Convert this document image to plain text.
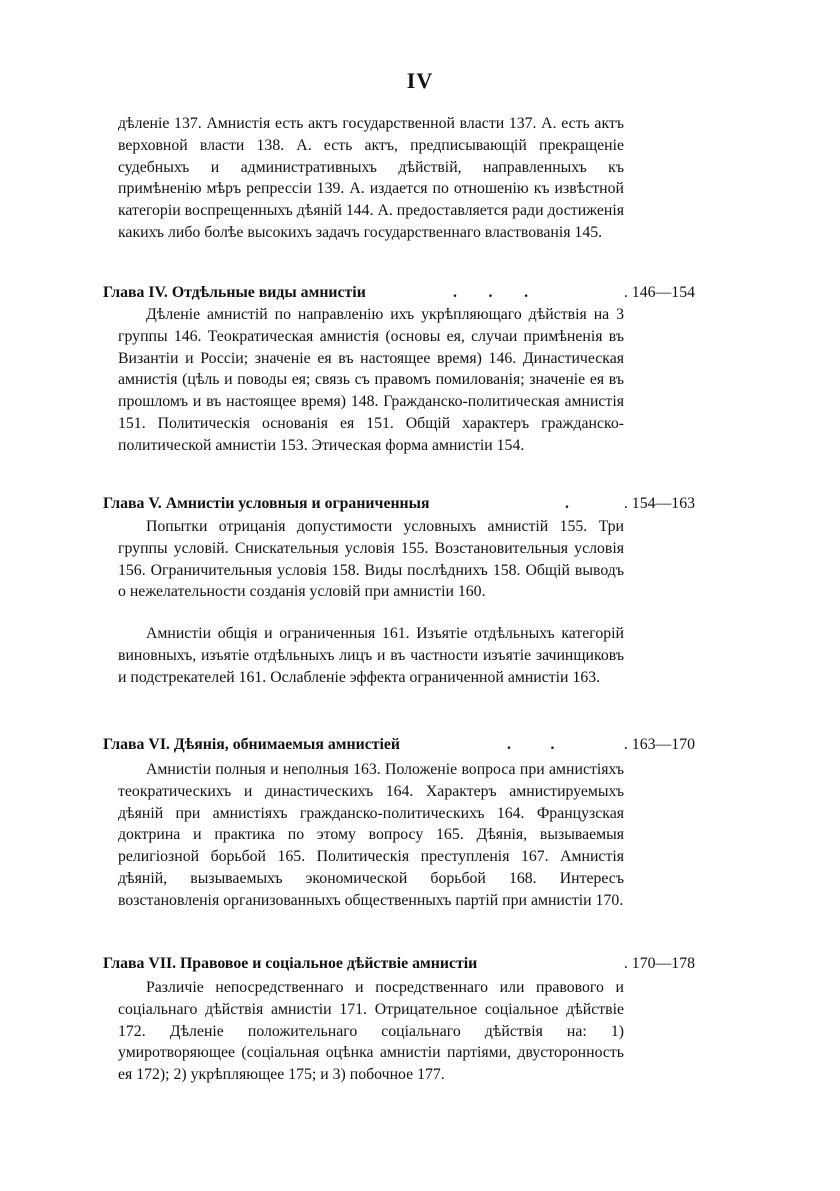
IV
дѣленіе 137. Амнистія есть актъ государственной власти 137. А. есть актъ верховной власти 138. А. есть актъ, предписывающій прекращеніе судебныхъ и административныхъ дѣйствій, направленныхъ къ примѣненію мѣръ репрессіи 139. А. издается по отношенію къ извѣстной категоріи воспрещенныхъ дѣяній 144. А. предоставляется ради достиженія какихъ либо болѣе высокихъ задачъ государственнаго властвованія 145.
Глава IV. Отдѣльные виды амнистіи	.        .        .	. 146—154
Дѣленіе амнистій по направленію ихъ укрѣпляющаго дѣйствія на 3 группы 146. Теократическая амнистія (основы ея, случаи примѣненія въ Византіи и Россіи; значеніе ея въ настоящее время) 146. Династическая амнистія (цѣль и поводы ея; связь съ правомъ помилованія; значеніе ея въ прошломъ и въ настоящее время) 148. Гражданско-политическая амнистія 151. Политическія основанія ея 151. Общій характеръ гражданско-политической амнистіи 153. Этическая форма амнистіи 154.
Глава V. Амнистіи условныя и ограниченныя	.	. 154—163
Попытки отрицанія допустимости условныхъ амнистій 155. Три группы условій. Снискательныя условія 155. Возстановительныя условія 156. Ограничительныя условія 158. Виды послѣднихъ 158. Общій выводъ о нежелательности созданія условій при амнистіи 160.
Амнистіи общія и ограниченныя 161. Изъятіе отдѣльныхъ категорій виновныхъ, изъятіе отдѣльныхъ лицъ и въ частности изъятіе зачинщиковъ и подстрекателей 161. Ослабленіе эффекта ограниченной амнистіи 163.
Глава VI. Дѣянія, обнимаемыя амнистіей	.          .	. 163—170
Амнистіи полныя и неполныя 163. Положеніе вопроса при амнистіяхъ теократическихъ и династическихъ 164. Характеръ амнистируемыхъ дѣяній при амнистіяхъ гражданско-политическихъ 164. Французская доктрина и практика по этому вопросу 165. Дѣянія, вызываемыя религіозной борьбой 165. Политическія преступленія 167. Амнистія дѣяній, вызываемыхъ экономической борьбой 168. Интересъ возстановленія организованныхъ общественныхъ партій при амнистіи 170.
Глава VII. Правовое и соціальное дѣйствіе амнистіи	. 170—178
Различіе непосредственнаго и посредственнаго или правового и соціальнаго дѣйствія амнистіи 171. Отрицательное соціальное дѣйствіе 172. Дѣленіе положительнаго соціальнаго дѣйствія на: 1) умиротворяющее (соціальная оцѣнка амнистіи партіями, двусторонность ея 172); 2) укрѣпляющее 175; и 3) побочное 177.
